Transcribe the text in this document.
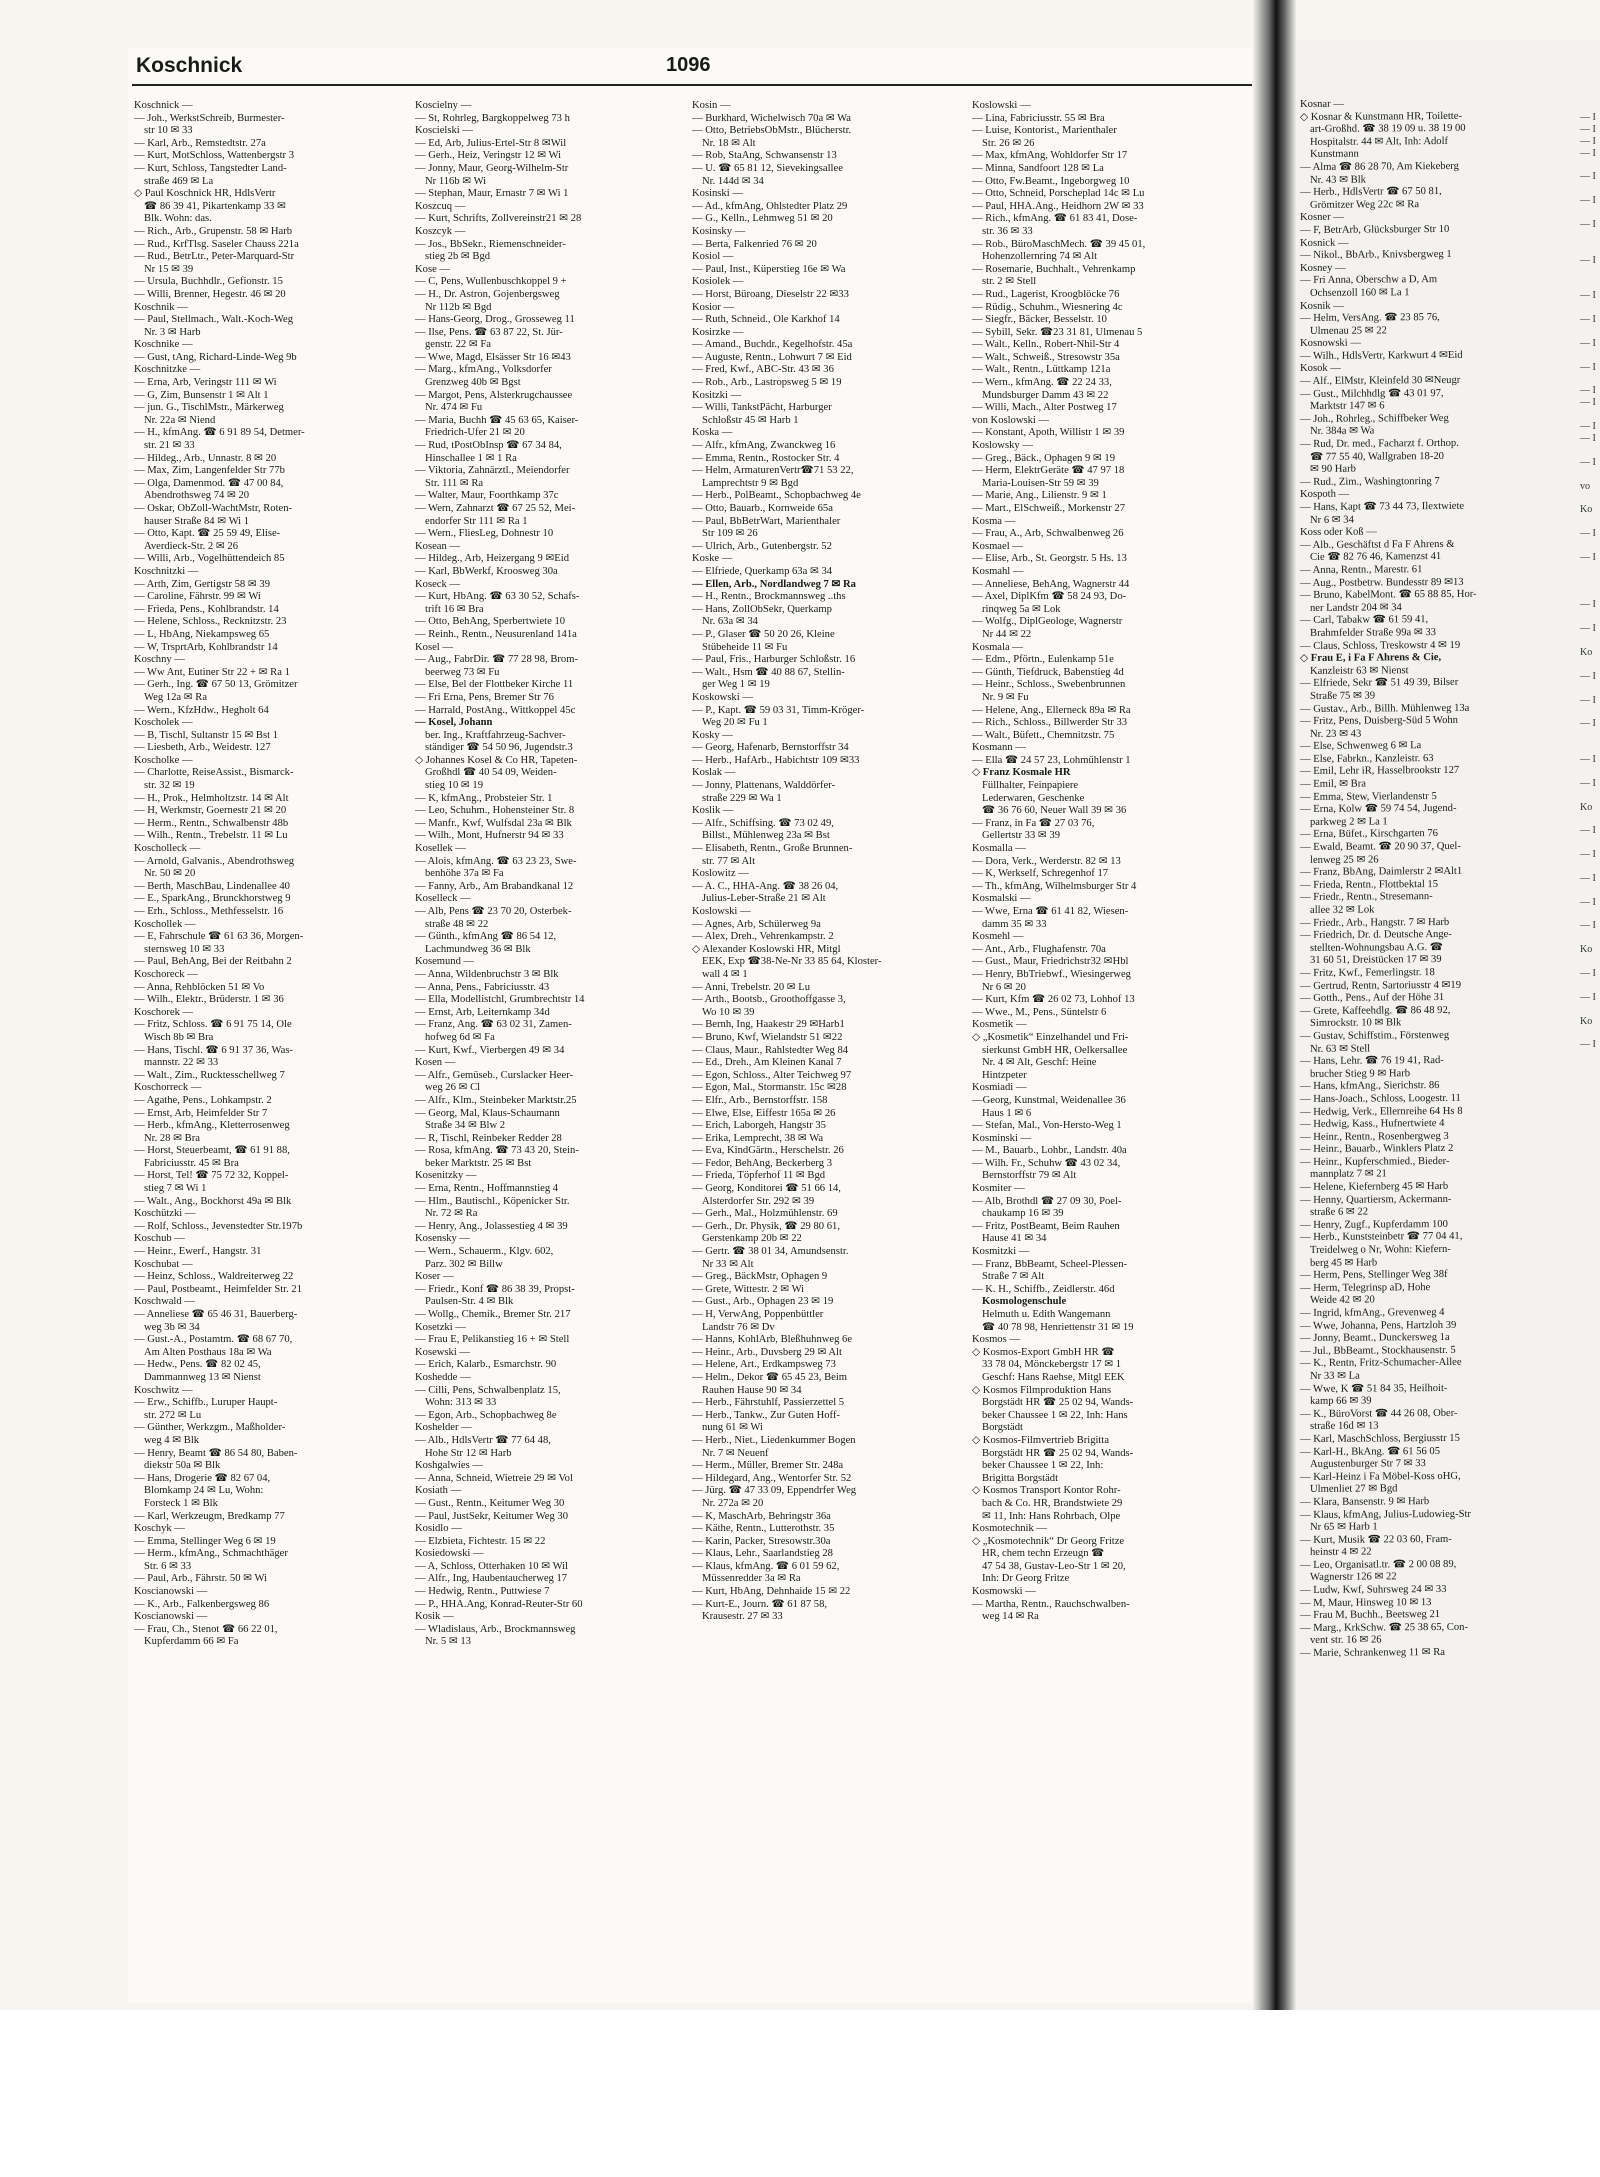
Koschnick	1096
Koschnick —
— Joh., WerkstSchreib, Burmester-
str 10 ✉ 33
— Karl, Arb., Remstedtstr. 27a
— Kurt, MotSchloss, Wattenbergstr 3
— Kurt, Schloss, Tangstedter Land-
straße 469 ✉ La
◇ Paul Koschnick HR, HdlsVertr
☎ 86 39 41, Pikartenkamp 33 ✉
Blk. Wohn: das.
— Rich., Arb., Grupenstr. 58 ✉ Harb
— Rud., KrfTlsg. Saseler Chauss 221a
— Rud., BetrLtr., Peter-Marquard-Str
Nr 15 ✉ 39
— Ursula, Buchhdlr., Gefionstr. 15
— Willi, Brenner, Hegestr. 46 ✉ 20
Koschnik —
— Paul, Stellmach., Walt.-Koch-Weg
Nr. 3 ✉ Harb
Koschnike —
— Gust, tAng, Richard-Linde-Weg 9b
Koschnitzke —
— Erna, Arb, Veringstr 111 ✉ Wi
— G, Zim, Bunsenstr 1 ✉ Alt 1
— jun. G., TischlMstr., Märkerweg
Nr. 22a ✉ Niend
— H., kfmAng. ☎ 6 91 89 54, Detmer-
str. 21 ✉ 33
— Hildeg., Arb., Unnastr. 8 ✉ 20
— Max, Zim, Langenfelder Str 77b
— Olga, Damenmod. ☎ 47 00 84,
Abendrothsweg 74 ✉ 20
— Oskar, ObZoll-WachtMstr, Roten-
hauser Straße 84 ✉ Wi 1
— Otto, Kapt. ☎ 25 59 49, Elise-
Averdieck-Str. 2 ✉ 26
— Willi, Arb., Vogelhüttendeich 85
Koschnitzki —
— Arth, Zim, Gertigstr 58 ✉ 39
— Caroline, Fährstr. 99 ✉ Wi
— Frieda, Pens., Kohlbrandstr. 14
— Helene, Schloss., Recknitzstr. 23
— L, HbAng, Niekampsweg 65
— W, TrsprtArb, Kohlbrandstr 14
Koschny —
— Ww Ant, Eutiner Str 22 + ✉ Ra 1
— Gerh., Ing. ☎ 67 50 13, Grömitzer
Weg 12a ✉ Ra
— Wern., KfzHdw., Hegholt 64
Koscholek —
— B, Tischl, Sultanstr 15 ✉ Bst 1
— Liesbeth, Arb., Weidestr. 127
Koscholke —
— Charlotte, ReiseAssist., Bismarck-
str. 32 ✉ 19
— H., Prok., Helmholtzstr. 14 ✉ Alt
— H, Werkmstr, Goernestr 21 ✉ 20
— Herm., Rentn., Schwalbenstr 48b
— Wilh., Rentn., Trebelstr. 11 ✉ Lu
Koscholleck —
— Arnold, Galvanis., Abendrothsweg
Nr. 50 ✉ 20
— Berth, MaschBau, Lindenallee 40
— E., SparkAng., Brunckhorstweg 9
— Erh., Schloss., Methfesselstr. 16
Koschollek —
— E, Fahrschule ☎ 61 63 36, Morgen-
sternsweg 10 ✉ 33
— Paul, BehAng, Bei der Reitbahn 2
Koschoreck —
— Anna, Rehblöcken 51 ✉ Vo
— Wilh., Elektr., Brüderstr. 1 ✉ 36
Koschorek —
— Fritz, Schloss. ☎ 6 91 75 14, Ole
Wisch 8b ✉ Bra
— Hans, Tischl. ☎ 6 91 37 36, Was-
mannstr. 22 ✉ 33
— Walt., Zim., Rucktesschellweg 7
Koschorreck —
— Agathe, Pens., Lohkampstr. 2
— Ernst, Arb, Heimfelder Str 7
— Herb., kfmAng., Kletterrosenweg
Nr. 28 ✉ Bra
— Horst, Steuerbeamt, ☎ 61 91 88,
Fabriciusstr. 45 ✉ Bra
— Horst, Tel! ☎ 75 72 32, Koppel-
stieg 7 ✉ Wi 1
— Walt., Ang., Bockhorst 49a ✉ Blk
Koschützki —
— Rolf, Schloss., Jevenstedter Str.197b
Koschub —
— Heinr., Ewerf., Hangstr. 31
Koschubat —
— Heinz, Schloss., Waldreiterweg 22
— Paul, Postbeamt., Heimfelder Str. 21
Koschwald —
— Anneliese ☎ 65 46 31, Bauerberg-
weg 3b ✉ 34
— Gust.-A., Postamtm. ☎ 68 67 70,
Am Alten Posthaus 18a ✉ Wa
— Hedw., Pens. ☎ 82 02 45,
Dammannweg 13 ✉ Nienst
Koschwitz —
— Erw., Schiffb., Luruper Haupt-
str. 272 ✉ Lu
— Günther, Werkzgm., Maßholder-
weg 4 ✉ Blk
— Henry, Beamt ☎ 86 54 80, Baben-
diekstr 50a ✉ Blk
— Hans, Drogerie ☎ 82 67 04,
Blomkamp 24 ✉ Lu, Wohn:
Forsteck 1 ✉ Blk
— Karl, Werkzeugm, Bredkamp 77
Koschyk —
— Emma, Stellinger Weg 6 ✉ 19
— Herm., kfmAng., Schmachthäger
Str. 6 ✉ 33
— Paul, Arb., Fährstr. 50 ✉ Wi
Koscianowski —
— K., Arb., Falkenbergsweg 86
Koscianowski —
— Frau, Ch., Stenot ☎ 66 22 01,
Kupferdamm 66 ✉ Fa
Koscielny —
— St, Rohrleg, Bargkoppelweg 73 h
Koscielski —
— Ed, Arb, Julius-Ertel-Str 8 ✉Wil
— Gerh., Heiz, Veringstr 12 ✉ Wi
— Jonny, Maur, Georg-Wilhelm-Str
Nr 116b ✉ Wi
— Stephan, Maur, Ernastr 7 ✉ Wi 1
Koszcuq —
— Kurt, Schrifts, Zollvereinstr21 ✉ 28
Koszcyk —
— Jos., BbSekr., Riemenschneider-
stieg 2b ✉ Bgd
Kose —
— C, Pens, Wullenbuschkoppel 9 +
— H., Dr. Astron, Gojenbergsweg
Nr 112b ✉ Bgd
— Hans-Georg, Drog., Grosseweg 11
— Ilse, Pens. ☎ 63 87 22, St. Jür-
genstr. 22 ✉ Fa
— Wwe, Magd, Elsässer Str 16 ✉43
— Marg., kfmAng., Volksdorfer
Grenzweg 40b ✉ Bgst
— Margot, Pens, Alsterkrugchaussee
Nr. 474 ✉ Fu
— Maria, Buchh ☎ 45 63 65, Kaiser-
Friedrich-Ufer 21 ✉ 20
— Rud, tPostObInsp ☎ 67 34 84,
Hinschallee 1 ✉ 1 Ra
— Viktoria, Zahnärztl., Meiendorfer
Str. 111 ✉ Ra
— Walter, Maur, Foorthkamp 37c
— Wern, Zahnarzt ☎ 67 25 52, Mei-
endorfer Str 111 ✉ Ra 1
— Wern., FliesLeg, Dohnestr 10
Kosean —
— Hildeg., Arb, Heizergang 9 ✉Eid
— Karl, BbWerkf, Kroosweg 30a
Koseck —
— Kurt, HbAng. ☎ 63 30 52, Schafs-
trift 16 ✉ Bra
— Otto, BehAng, Sperbertwiete 10
— Reinh., Rentn., Neusurenland 141a
Kosel —
— Aug., FabrDir. ☎ 77 28 98, Brom-
beerweg 73 ✉ Fu
— Else, Bel der Flottbeker Kirche 11
— Fri Erna, Pens, Bremer Str 76
— Harrald, PostAng., Wittkoppel 45c
— Kosel, Johann
ber. Ing., Kraftfahrzeug-Sachver-
ständiger ☎ 54 50 96, Jugendstr.3
◇ Johannes Kosel & Co HR, Tapeten-
Großhdl ☎ 40 54 09, Weiden-
stieg 10 ✉ 19
— K, kfmAng., Probsteier Str. 1
— Leo, Schuhm., Hohensteiner Str. 8
— Manfr., Kwf, Wulfsdal 23a ✉ Blk
— Wilh., Mont, Hufnerstr 94 ✉ 33
Kosellek —
— Alois, kfmAng. ☎ 63 23 23, Swe-
benhöhe 37a ✉ Fa
— Fanny, Arb., Am Brabandkanal 12
Koselleck —
— Alb, Pens ☎ 23 70 20, Osterbek-
straße 48 ✉ 22
— Günth., kfmAng ☎ 86 54 12,
Lachmundweg 36 ✉ Blk
Kosemund —
— Anna, Wildenbruchstr 3 ✉ Blk
— Anna, Pens., Fabriciusstr. 43
— Ella, Modellistchl, Grumbrechtstr 14
— Ernst, Arb, Leiternkamp 34d
— Franz, Ang. ☎ 63 02 31, Zamen-
hofweg 6d ✉ Fa
— Kurt, Kwf., Vierbergen 49 ✉ 34
Kosen —
— Alfr., Gemüseb., Curslacker Heer-
weg 26 ✉ Cl
— Alfr., Klm., Steinbeker Marktstr.25
— Georg, Mal, Klaus-Schaumann
Straße 34 ✉ Blw 2
— R, Tischl, Reinbeker Redder 28
— Rosa, kfmAng. ☎ 73 43 20, Stein-
beker Marktstr. 25 ✉ Bst
Kosenitzky —
— Erna, Rentn., Hoffmannstieg 4
— Hlm., Bautischl., Köpenicker Str.
Nr. 72 ✉ Ra
— Henry, Ang., Jolassestieg 4 ✉ 39
Kosensky —
— Wern., Schauerm., Klgv. 602,
Parz. 302 ✉ Billw
Koser —
— Friedr., Konf ☎ 86 38 39, Propst-
Paulsen-Str. 4 ✉ Blk
— Wollg., Chemik., Bremer Str. 217
Kosetzki —
— Frau E, Pelikanstieg 16 + ✉ Stell
Kosewski —
— Erich, Kalarb., Esmarchstr. 90
Koshedde —
— Cilli, Pens, Schwalbenplatz 15,
Wohn: 313 ✉ 33
— Egon, Arb., Schopbachweg 8e
Koshelder —
— Alb., HdlsVertr ☎ 77 64 48,
Hohe Str 12 ✉ Harb
Koshgalwies —
— Anna, Schneid, Wietreie 29 ✉ Vol
Kosiath —
— Gust., Rentn., Keitumer Weg 30
— Paul, JustSekr, Keitumer Weg 30
Kosidlo —
— Elzbieta, Fichtestr. 15 ✉ 22
Kosiedowski —
— A, Schloss, Otterhaken 10 ✉ Wil
— Alfr., Ing, Haubentaucherweg 17
— Hedwig, Rentn., Puttwiese 7
— P., HHA.Ang, Konrad-Reuter-Str 60
Kosik —
— Wladislaus, Arb., Brockmannsweg
Nr. 5 ✉ 13
Kosin —
— Burkhard, Wichelwisch 70a ✉ Wa
— Otto, BetriebsObMstr., Blücherstr.
Nr. 18 ✉ Alt
— Rob, StaAng, Schwansenstr 13
— U. ☎ 65 81 12, Sievekingsallee
Nr. 144d ✉ 34
Kosinski —
— Ad., kfmAng, Ohlstedter Platz 29
— G., Kelln., Lehmweg 51 ✉ 20
Kosinsky —
— Berta, Falkenried 76 ✉ 20
Kosiol —
— Paul, Inst., Küperstieg 16e ✉ Wa
Kosiolek —
— Horst, Büroang, Dieselstr 22 ✉33
Kosior —
— Ruth, Schneid., Ole Karkhof 14
Kosirzke —
— Amand., Buchdr., Kegelhofstr. 45a
— Auguste, Rentn., Lohwurt 7 ✉ Eid
— Fred, Kwf., ABC-Str. 43 ✉ 36
— Rob., Arb., Lastropsweg 5 ✉ 19
Kositzki —
— Willi, TankstPächt, Harburger
Schloßstr 45 ✉ Harb 1
Koska —
— Alfr., kfmAng, Zwanckweg 16
— Emma, Rentn., Rostocker Str. 4
— Helm, ArmaturenVertr☎71 53 22,
Lamprechtstr 9 ✉ Bgd
— Herb., PolBeamt., Schopbachweg 4e
— Otto, Bauarb., Kornweide 65a
— Paul, BbBetrWart, Marienthaler
Str 109 ✉ 26
— Ulrich, Arb., Gutenbergstr. 52
Koske —
— Elfriede, Querkamp 63a ✉ 34
— Ellen, Arb., Nordlandweg 7 ✉ Ra
— H., Rentn., Brockmannsweg ..ths
— Hans, ZollObSekr, Querkamp
Nr. 63a ✉ 34
— P., Glaser ☎ 50 20 26, Kleine
Stübeheide 11 ✉ Fu
— Paul, Fris., Harburger Schloßstr. 16
— Walt., Hsm ☎ 40 88 67, Stellin-
ger Weg 1 ✉ 19
Koskowski —
— P., Kapt. ☎ 59 03 31, Timm-Kröger-
Weg 20 ✉ Fu 1
Kosky —
— Georg, Hafenarb, Bernstorffstr 34
— Herb., HafArb., Habichtstr 109 ✉33
Koslak —
— Jonny, Plattenans, Walddörfer-
straße 229 ✉ Wa 1
Koslik —
— Alfr., Schiffsing. ☎ 73 02 49,
Billst., Mühlenweg 23a ✉ Bst
— Elisabeth, Rentn., Große Brunnen-
str. 77 ✉ Alt
Koslowitz —
— A. C., HHA-Ang. ☎ 38 26 04,
Julius-Leber-Straße 21 ✉ Alt
Koslowski —
— Agnes, Arb, Schülerweg 9a
— Alex, Dreh., Vehrenkampstr. 2
◇ Alexander Koslowski HR, Mitgl
EEK, Exp ☎38-Ne-Nr 33 85 64, Kloster-
wall 4 ✉ 1
— Anni, Trebelstr. 20 ✉ Lu
— Arth., Bootsb., Groothoffgasse 3,
Wo 10 ✉ 39
— Bernh, Ing, Haakestr 29 ✉Harb1
— Bruno, Kwf, Wielandstr 51 ✉22
— Claus, Maur., Rahlstedter Weg 84
— Ed., Dreh., Am Kleinen Kanal 7
— Egon, Schloss., Alter Teichweg 97
— Egon, Mal., Stormanstr. 15c ✉28
— Elfr., Arb., Bernstorffstr. 158
— Elwe, Else, Eiffestr 165a ✉ 26
— Erich, Laborgeh, Hangstr 35
— Erika, Lemprecht, 38 ✉ Wa
— Eva, KindGärtn., Herschelstr. 26
— Fedor, BehAng, Beckerberg 3
— Frieda, Töpferhof 11 ✉ Bgd
— Georg, Konditorei ☎ 51 66 14,
Alsterdorfer Str. 292 ✉ 39
— Gerh., Mal., Holzmühlenstr. 69
— Gerh., Dr. Physik, ☎ 29 80 61,
Gerstenkamp 20b ✉ 22
— Gertr. ☎ 38 01 34, Amundsenstr.
Nr 33 ✉ Alt
— Greg., BäckMstr, Ophagen 9
— Grete, Wittestr. 2 ✉ Wi
— Gust., Arb., Ophagen 23 ✉ 19
— H, VerwAng, Poppenbüttler
Landstr 76 ✉ Dv
— Hanns, KohlArb, Bleßhuhnweg 6e
— Heinr., Arb., Duvsberg 29 ✉ Alt
— Helene, Art., Erdkampsweg 73
— Helm., Dekor ☎ 65 45 23, Beim
Rauhen Hause 90 ✉ 34
— Herb., Fährstuhlf, Passierzettel 5
— Herb., Tankw., Zur Guten Hoff-
nung 61 ✉ Wi
— Herb., Niet., Liedenkummer Bogen
Nr. 7 ✉ Neuenf
— Herm., Müller, Bremer Str. 248a
— Hildegard, Ang., Wentorfer Str. 52
— Jürg. ☎ 47 33 09, Eppendrfer Weg
Nr. 272a ✉ 20
— K, MaschArb, Behringstr 36a
— Käthe, Rentn., Lutterothstr. 35
— Karin, Packer, Stresowstr.30a
— Klaus, Lehr., Saarlandstieg 28
— Klaus, kfmAng. ☎ 6 01 59 62,
Müssenredder 3a ✉ Ra
— Kurt, HbAng, Dehnhaide 15 ✉ 22
— Kurt-E., Journ. ☎ 61 87 58,
Krausestr. 27 ✉ 33
Koslowski —
— Lina, Fabriciusstr. 55 ✉ Bra
— Luise, Kontorist., Marienthaler
Str. 26 ✉ 26
— Max, kfmAng, Wohldorfer Str 17
— Minna, Sandfoort 128 ✉ La
— Otto, Fw.Beamt., Ingeborgweg 10
— Otto, Schneid, Porscheplad 14c ✉ Lu
— Paul, HHA.Ang., Heidhorn 2W ✉ 33
— Rich., kfmAng. ☎ 61 83 41, Dose-
str. 36 ✉ 33
— Rob., BüroMaschMech. ☎ 39 45 01,
Hohenzollernring 74 ✉ Alt
— Rosemarie, Buchhalt., Vehrenkamp
str. 2 ✉ Stell
— Rud., Lagerist, Kroogblöcke 76
— Rüdig., Schuhm., Wiesnering 4c
— Siegfr., Bäcker, Besselstr. 10
— Sybill, Sekr. ☎23 31 81, Ulmenau 5
— Walt., Kelln., Robert-Nhil-Str 4
— Walt., Schweiß., Stresowstr 35a
— Walt., Rentn., Lüttkamp 121a
— Wern., kfmAng. ☎ 22 24 33,
Mundsburger Damm 43 ✉ 22
— Willi, Mach., Alter Postweg 17
von Koslowski —
— Konstant, Apoth, Willistr 1 ✉ 39
Koslowsky —
— Greg., Bäck., Ophagen 9 ✉ 19
— Herm, ElektrGeräte ☎ 47 97 18
Maria-Louisen-Str 59 ✉ 39
— Marie, Ang., Lilienstr. 9 ✉ 1
— Mart., ElSchweiß., Morkenstr 27
Kosma —
— Frau, A., Arb, Schwalbenweg 26
Kosmael —
— Elise, Arb., St. Georgstr. 5 Hs. 13
Kosmahl —
— Anneliese, BehAng, Wagnerstr 44
— Axel, DiplKfm ☎ 58 24 93, Do-
rinqweg 5a ✉ Lok
— Wolfg., DiplGeologe, Wagnerstr
Nr 44 ✉ 22
Kosmala —
— Edm., Pförtn., Eulenkamp 51e
— Günth, Tiefdruck, Babenstieg 4d
— Heinr., Schloss., Swebenbrunnen
Nr. 9 ✉ Fu
— Helene, Ang., Ellerneck 89a ✉ Ra
— Rich., Schloss., Billwerder Str 33
— Walt., Büfett., Chemnitzstr. 75
Kosmann —
— Ella ☎ 24 57 23, Lohmühlenstr 1
◇ Franz Kosmale HR
Füllhalter, Feinpapiere
Lederwaren, Geschenke
☎ 36 76 60, Neuer Wall 39 ✉ 36
— Franz, in Fa ☎ 27 03 76,
Gellertstr 33 ✉ 39
Kosmalla —
— Dora, Verk., Werderstr. 82 ✉ 13
— K, Werkself, Schregenhof 17
— Th., kfmAng, Wilhelmsburger Str 4
Kosmalski —
— Wwe, Erna ☎ 61 41 82, Wiesen-
damm 35 ✉ 33
Kosmehl —
— Ant., Arb., Flughafenstr. 70a
— Gust., Maur, Friedrichstr32 ✉Hbl
— Henry, BbTriebwf., Wiesingerweg
Nr 6 ✉ 20
— Kurt, Kfm ☎ 26 02 73, Lohhof 13
— Wwe., M., Pens., Süntelstr 6
Kosmetik —
◇ „Kosmetik“ Einzelhandel und Fri-
sierkunst GmbH HR, Oelkersallee
Nr. 4 ✉ Alt, Geschf: Heine
Hintzpeter
Kosmiadi —
—Georg, Kunstmal, Weidenallee 36
Haus 1 ✉ 6
— Stefan, Mal., Von-Hersto-Weg 1
Kosminski —
— M., Bauarb., Lohbr., Landstr. 40a
— Wilh. Fr., Schuhw ☎ 43 02 34,
Bernstorffstr 79 ✉ Alt
Kosmiter —
— Alb, Brothdl ☎ 27 09 30, Poel-
chaukamp 16 ✉ 39
— Fritz, PostBeamt, Beim Rauhen
Hause 41 ✉ 34
Kosmitzki —
— Franz, BbBeamt, Scheel-Plessen-
Straße 7 ✉ Alt
— K. H., Schiffb., Zeidlerstr. 46d
Kosmologenschule
Helmuth u. Edith Wangemann
☎ 40 78 98, Henriettenstr 31 ✉ 19
Kosmos —
◇ Kosmos-Export GmbH HR ☎
33 78 04, Mönckebergstr 17 ✉ 1
Geschf: Hans Raehse, Mitgl EEK
◇ Kosmos Filmproduktion Hans
Borgstädt HR ☎ 25 02 94, Wands-
beker Chaussee 1 ✉ 22, Inh: Hans
Borgstädt
◇ Kosmos-Filmvertrieb Brigitta
Borgstädt HR ☎ 25 02 94, Wands-
beker Chaussee 1 ✉ 22, Inh:
Brigitta Borgstädt
◇ Kosmos Transport Kontor Rohr-
bach & Co. HR, Brandstwiete 29
✉ 11, Inh: Hans Rohrbach, Olpe
Kosmotechnik —
◇ „Kosmotechnik“ Dr Georg Fritze
HR, chem techn Erzeugn ☎
47 54 38, Gustav-Leo-Str 1 ✉ 20,
Inh: Dr Georg Fritze
Kosmowski —
— Martha, Rentn., Rauchschwalben-
weg 14 ✉ Ra
Kosnar —
◇ Kosnar & Kunstmann HR, Toilette-
art-Großhd. ☎ 38 19 09 u. 38 19 00
Hospitalstr. 44 ✉ Alt, Inh: Adolf
Kunstmann
— Alma ☎ 86 28 70, Am Kiekeberg
Nr. 43 ✉ Blk
— Herb., HdlsVertr ☎ 67 50 81,
Grömitzer Weg 22c ✉ Ra
Kosner —
— F, BetrArb, Glücksburger Str 10
Kosnick —
— Nikol., BbArb., Knivsbergweg 1
Kosney —
— Fri Anna, Oberschw a D, Am
Ochsenzoll 160 ✉ La 1
Kosnik —
— Helm, VersAng. ☎ 23 85 76,
Ulmenau 25 ✉ 22
Kosnowski —
— Wilh., HdlsVertr, Karkwurt 4 ✉Eid
Kosok —
— Alf., ElMstr, Kleinfeld 30 ✉Neugr
— Gust., Milchhdlg ☎ 43 01 97,
Marktstr 147 ✉ 6
— Joh., Rohrleg., Schiffbeker Weg
Nr. 384a ✉ Wa
— Rud, Dr. med., Facharzt f. Orthop.
☎ 77 55 40, Wallgraben 18-20
✉ 90 Harb
— Rud., Zim., Washingtonring 7
Kospoth —
— Hans, Kapt ☎ 73 44 73, Ilextwiete
Nr 6 ✉ 34
Koss oder Koß —
— Alb., Geschäftst d Fa F Ahrens &
Cie ☎ 82 76 46, Kamenzst 41
— Anna, Rentn., Marestr. 61
— Aug., Postbetrw. Bundesstr 89 ✉13
— Bruno, KabelMont. ☎ 65 88 85, Hor-
ner Landstr 204 ✉ 34
— Carl, Tabakw ☎ 61 59 41,
Brahmfelder Straße 99a ✉ 33
— Claus, Schloss, Treskowstr 4 ✉ 19
◇ Frau E, i Fa F Ahrens & Cie,
Kanzleistr 63 ✉ Nienst
— Elfriede, Sekr ☎ 51 49 39, Bilser
Straße 75 ✉ 39
— Gustav., Arb., Billh. Mühlenweg 13a
— Fritz, Pens, Duisberg-Süd 5 Wohn
Nr. 23 ✉ 43
— Else, Schwenweg 6 ✉ La
— Else, Fabrkn., Kanzleistr. 63
— Emil, Lehr iR, Hasselbrookstr 127
— Emil, ✉ Bra
— Emma, Stew, Vierlandenstr 5
— Erna, Kolw ☎ 59 74 54, Jugend-
parkweg 2 ✉ La 1
— Erna, Büfet., Kirschgarten 76
— Ewald, Beamt. ☎ 20 90 37, Quel-
lenweg 25 ✉ 26
— Franz, BbAng, Daimlerstr 2 ✉Alt1
— Frieda, Rentn., Flottbektal 15
— Friedr., Rentn., Stresemann-
allee 32 ✉ Lok
— Friedr., Arb., Hangstr. 7 ✉ Harb
— Friedrich, Dr. d. Deutsche Ange-
stellten-Wohnungsbau A.G. ☎
31 60 51, Dreistücken 17 ✉ 39
— Fritz, Kwf., Femerlingstr. 18
— Gertrud, Rentn, Sartoriusstr 4 ✉19
— Gotth., Pens., Auf der Höhe 31
— Grete, Kaffeehdlg. ☎ 86 48 92,
Simrockstr. 10 ✉ Blk
— Gustav, Schiffstim., Förstenweg
Nr. 63 ✉ Stell
— Hans, Lehr. ☎ 76 19 41, Rad-
brucher Stieg 9 ✉ Harb
— Hans, kfmAng., Sierichstr. 86
— Hans-Joach., Schloss, Loogestr. 11
— Hedwig, Verk., Ellernreihe 64 Hs 8
— Hedwig, Kass., Hufnertwiete 4
— Heinr., Rentn., Rosenbergweg 3
— Heinr., Bauarb., Winklers Platz 2
— Heinr., Kupferschmied., Bieder-
mannplatz 7 ✉ 21
— Helene, Kiefernberg 45 ✉ Harb
— Henny, Quartiersm, Ackermann-
straße 6 ✉ 22
— Henry, Zugf., Kupferdamm 100
— Herb., Kunststeinbetr ☎ 77 04 41,
Treidelweg o Nr, Wohn: Kiefern-
berg 45 ✉ Harb
— Herm, Pens, Stellinger Weg 38f
— Herm, Telegrinsp aD, Hohe
Weide 42 ✉ 20
— Ingrid, kfmAng., Grevenweg 4
— Wwe, Johanna, Pens, Hartzloh 39
— Jonny, Beamt., Dunckersweg 1a
— Jul., BbBeamt., Stockhausenstr. 5
— K., Rentn, Fritz-Schumacher-Allee
Nr 33 ✉ La
— Wwe, K ☎ 51 84 35, Heilhoit-
kamp 66 ✉ 39
— K., BüroVorst ☎ 44 26 08, Ober-
straße 16d ✉ 13
— Karl, MaschSchloss, Bergiusstr 15
— Karl-H., BkAng. ☎ 61 56 05
Augustenburger Str 7 ✉ 33
— Karl-Heinz i Fa Möbel-Koss oHG,
Ulmenliet 27 ✉ Bgd
— Klara, Bansenstr. 9 ✉ Harb
— Klaus, kfmAng, Julius-Ludowieg-Str
Nr 65 ✉ Harb 1
— Kurt, Musik ☎ 22 03 60, Fram-
heinstr 4 ✉ 22
— Leo, Organisatl.tr. ☎ 2 00 08 89,
Wagnerstr 126 ✉ 22
— Ludw, Kwf, Suhrsweg 24 ✉ 33
— M, Maur, Hinsweg 10 ✉ 13
— Frau M, Buchh., Beetsweg 21
— Marg., KrkSchw. ☎ 25 38 65, Con-
vent str. 16 ✉ 26
— Marie, Schrankenweg 11 ✉ Ra

— I
— I
— I
— I

— I

— I

— I

— I

— I

— I

— I

— I

— I
— I

— I
— I

— I

vo

Ko

— I

— I

— I

— I

Ko

— I

— I

— I

— I

— I

Ko

— I

— I

— I

— I

— I

Ko

— I

— I

Ko

— I
